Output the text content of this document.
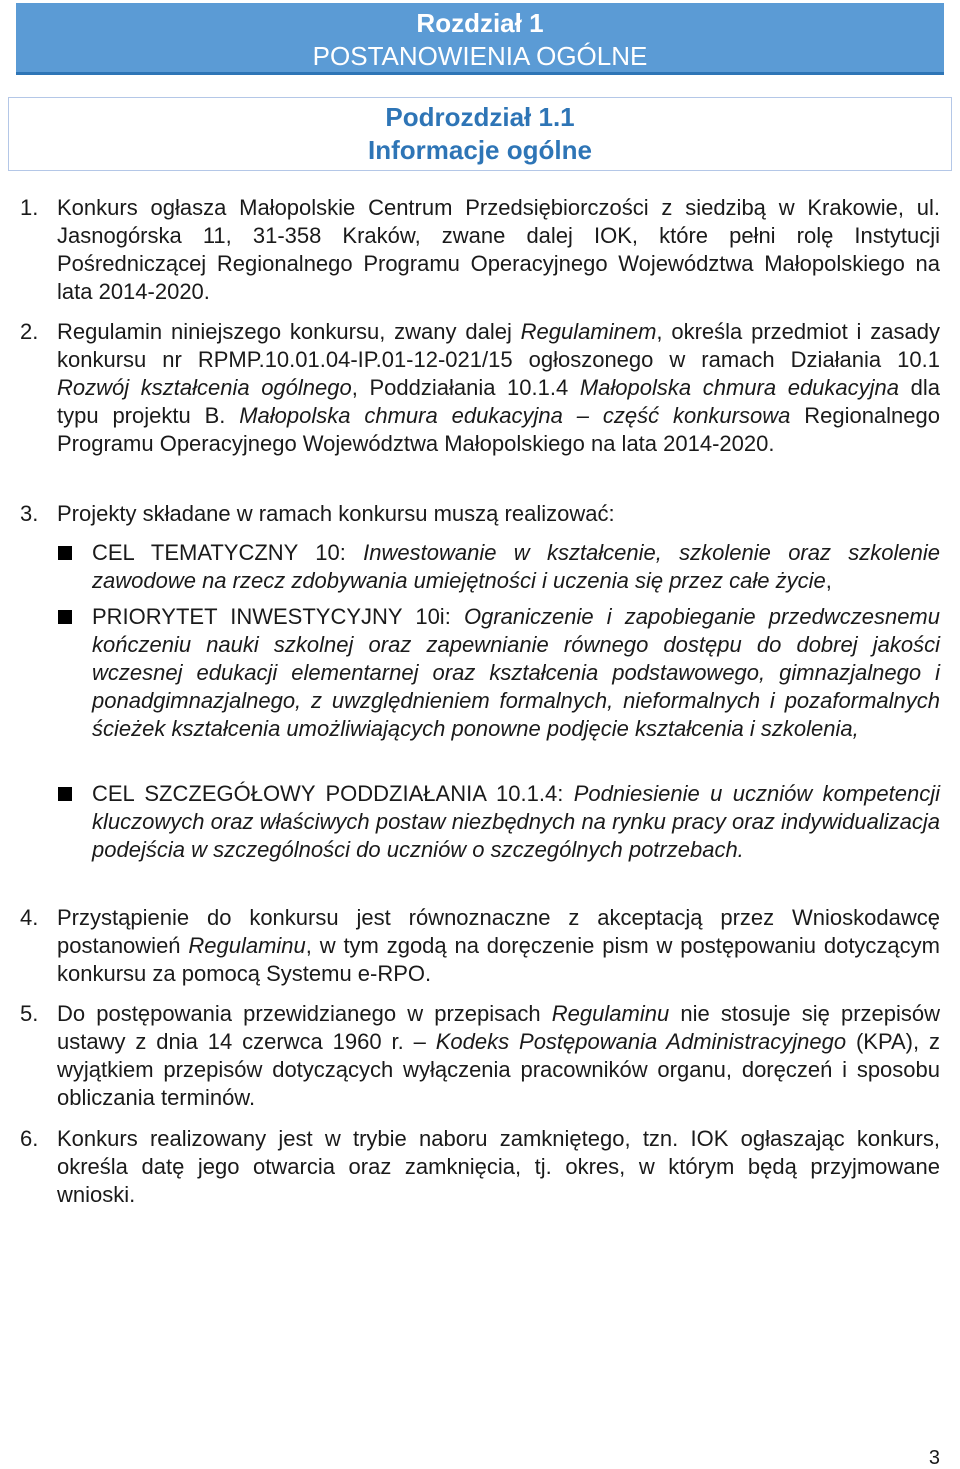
Rozdział 1
POSTANOWIENIA OGÓLNE
Podrozdział 1.1
Informacje ogólne
1. Konkurs ogłasza Małopolskie Centrum Przedsiębiorczości z siedzibą w Krakowie, ul. Jasnogórska 11, 31-358 Kraków, zwane dalej IOK, które pełni rolę Instytucji Pośredniczącej Regionalnego Programu Operacyjnego Województwa Małopolskiego na lata 2014-2020.
2. Regulamin niniejszego konkursu, zwany dalej Regulaminem, określa przedmiot i zasady konkursu nr RPMP.10.01.04-IP.01-12-021/15 ogłoszonego w ramach Działania 10.1 Rozwój kształcenia ogólnego, Poddziałania 10.1.4 Małopolska chmura edukacyjna dla typu projektu B. Małopolska chmura edukacyjna – część konkursowa Regionalnego Programu Operacyjnego Województwa Małopolskiego na lata 2014-2020.
3. Projekty składane w ramach konkursu muszą realizować:
CEL TEMATYCZNY 10: Inwestowanie w kształcenie, szkolenie oraz szkolenie zawodowe na rzecz zdobywania umiejętności i uczenia się przez całe życie,
PRIORYTET INWESTYCYJNY 10i: Ograniczenie i zapobieganie przedwczesnemu kończeniu nauki szkolnej oraz zapewnianie równego dostępu do dobrej jakości wczesnej edukacji elementarnej oraz kształcenia podstawowego, gimnazjalnego i ponadgimnazjalnego, z uwzględnieniem formalnych, nieformalnych i pozaformalnych ścieżek kształcenia umożliwiających ponowne podjęcie kształcenia i szkolenia,
CEL SZCZEGÓŁOWY PODDZIAŁANIA 10.1.4: Podniesienie u uczniów kompetencji kluczowych oraz właściwych postaw niezbędnych na rynku pracy oraz indywidualizacja podejścia w szczególności do uczniów o szczególnych potrzebach.
4. Przystąpienie do konkursu jest równoznaczne z akceptacją przez Wnioskodawcę postanowień Regulaminu, w tym zgodą na doręczenie pism w postępowaniu dotyczącym konkursu za pomocą Systemu e-RPO.
5. Do postępowania przewidzianego w przepisach Regulaminu nie stosuje się przepisów ustawy z dnia 14 czerwca 1960 r. – Kodeks Postępowania Administracyjnego (KPA), z wyjątkiem przepisów dotyczących wyłączenia pracowników organu, doręczeń i sposobu obliczania terminów.
6. Konkurs realizowany jest w trybie naboru zamkniętego, tzn. IOK ogłaszając konkurs, określa datę jego otwarcia oraz zamknięcia, tj. okres, w którym będą przyjmowane wnioski.
3
